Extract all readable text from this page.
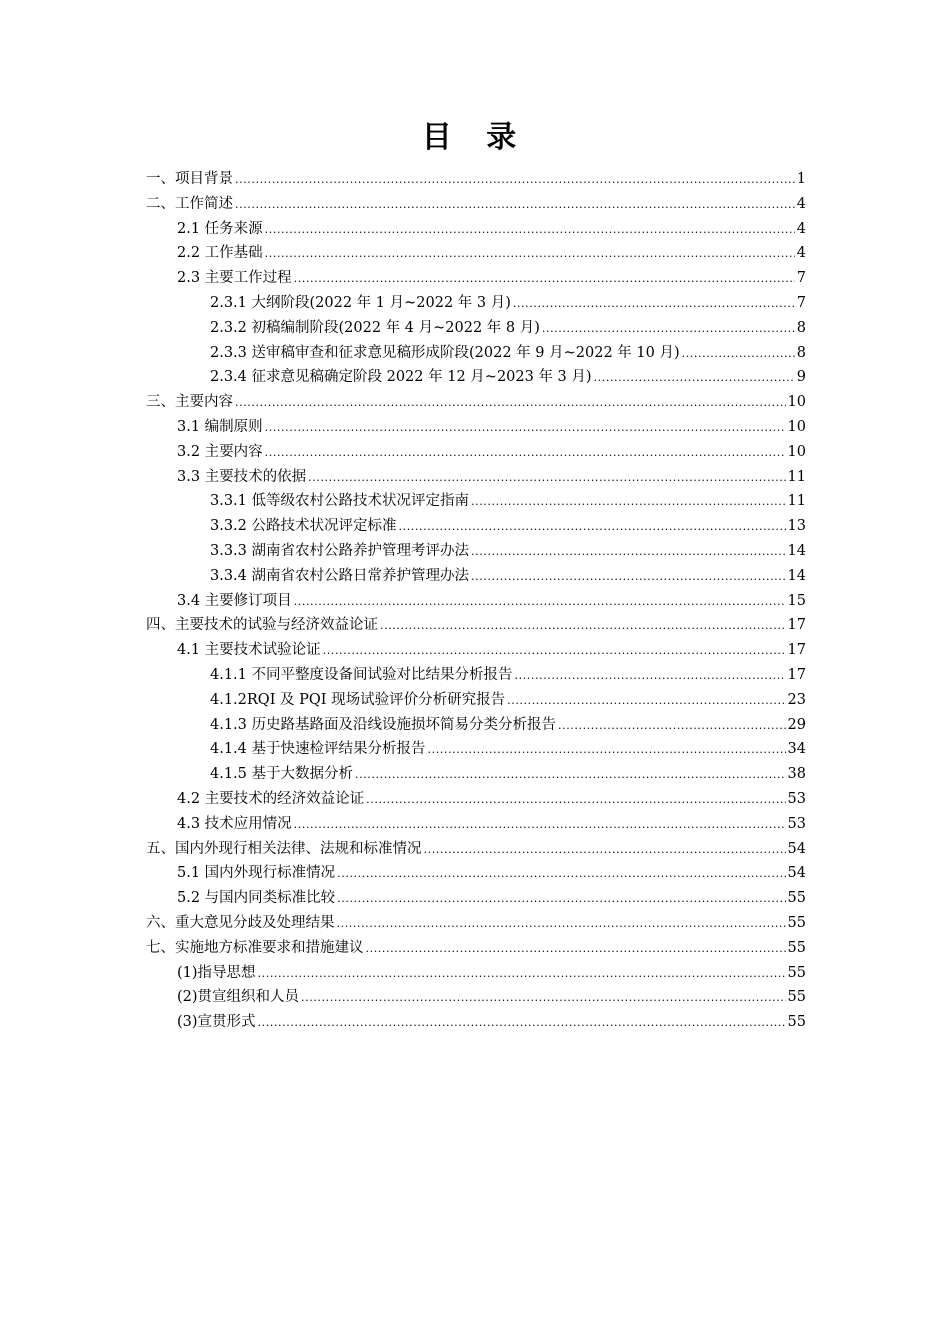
目 录
一、项目背景 .....	1
二、工作简述 .....	4
2.1 任务来源 .....	4
2.2 工作基础 .....	4
2.3 主要工作过程 .....	7
2.3.1 大纲阶段(2022 年 1 月~2022 年 3 月) .....	7
2.3.2 初稿编制阶段(2022 年 4 月~2022 年 8 月) .....	8
2.3.3 送审稿审查和征求意见稿形成阶段(2022 年 9 月~2022 年 10 月) .....	8
2.3.4 征求意见稿确定阶段 2022 年 12 月~2023 年 3 月) .....	9
三、主要内容 .....	10
3.1 编制原则 .....	10
3.2 主要内容 .....	10
3.3 主要技术的依据 .....	11
3.3.1 低等级农村公路技术状况评定指南 .....	11
3.3.2 公路技术状况评定标准 .....	13
3.3.3 湖南省农村公路养护管理考评办法 .....	14
3.3.4 湖南省农村公路日常养护管理办法 .....	14
3.4 主要修订项目 .....	15
四、主要技术的试验与经济效益论证 .....	17
4.1 主要技术试验论证 .....	17
4.1.1 不同平整度设备间试验对比结果分析报告 .....	17
4.1.2RQI 及 PQI 现场试验评价分析研究报告 .....	23
4.1.3 历史路基路面及沿线设施损坏简易分类分析报告 .....	29
4.1.4 基于快速检评结果分析报告 .....	34
4.1.5 基于大数据分析 .....	38
4.2 主要技术的经济效益论证 .....	53
4.3 技术应用情况 .....	53
五、国内外现行相关法律、法规和标准情况 .....	54
5.1 国内外现行标准情况 .....	54
5.2 与国内同类标准比较 .....	55
六、重大意见分歧及处理结果 .....	55
七、实施地方标准要求和措施建议 .....	55
(1)指导思想 .....	55
(2)贯宣组织和人员 .....	55
(3)宣贯形式 .....	55
